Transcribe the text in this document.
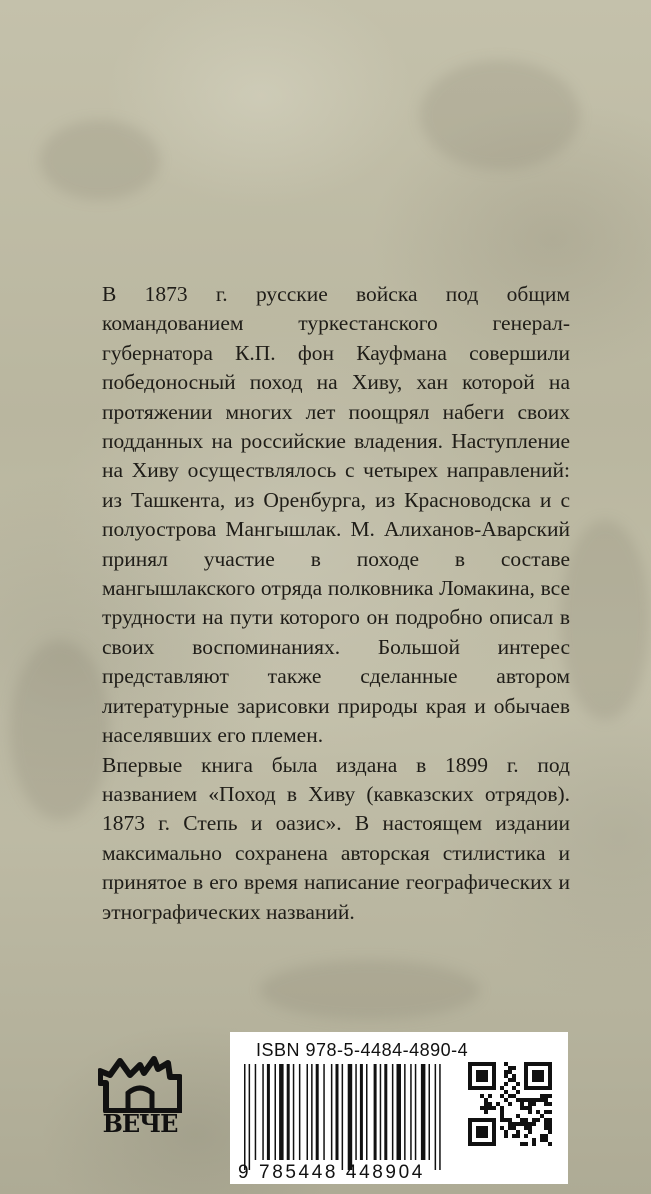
В 1873 г. русские войска под общим командованием туркестанского генерал-губернатора К.П. фон Кауфмана совершили победоносный поход на Хиву, хан которой на протяжении многих лет поощрял набеги своих подданных на российские владения. Наступление на Хиву осуществлялось с четырех направлений: из Ташкента, из Оренбурга, из Красноводска и с полуострова Мангышлак. М. Алиханов-Аварский принял участие в походе в составе мангышлакского отряда полковника Ломакина, все трудности на пути которого он подробно описал в своих воспоминаниях. Большой интерес представляют также сделанные автором литературные зарисовки природы края и обычаев населявших его племен.

Впервые книга была издана в 1899 г. под названием «Поход в Хиву (кавказских отрядов). 1873 г. Степь и оазис». В настоящем издании максимально сохранена авторская стилистика и принятое в его время написание географических и этнографических названий.

ВЕЧЕ
ISBN 978-5-4484-4890-4
9 785448 448904
